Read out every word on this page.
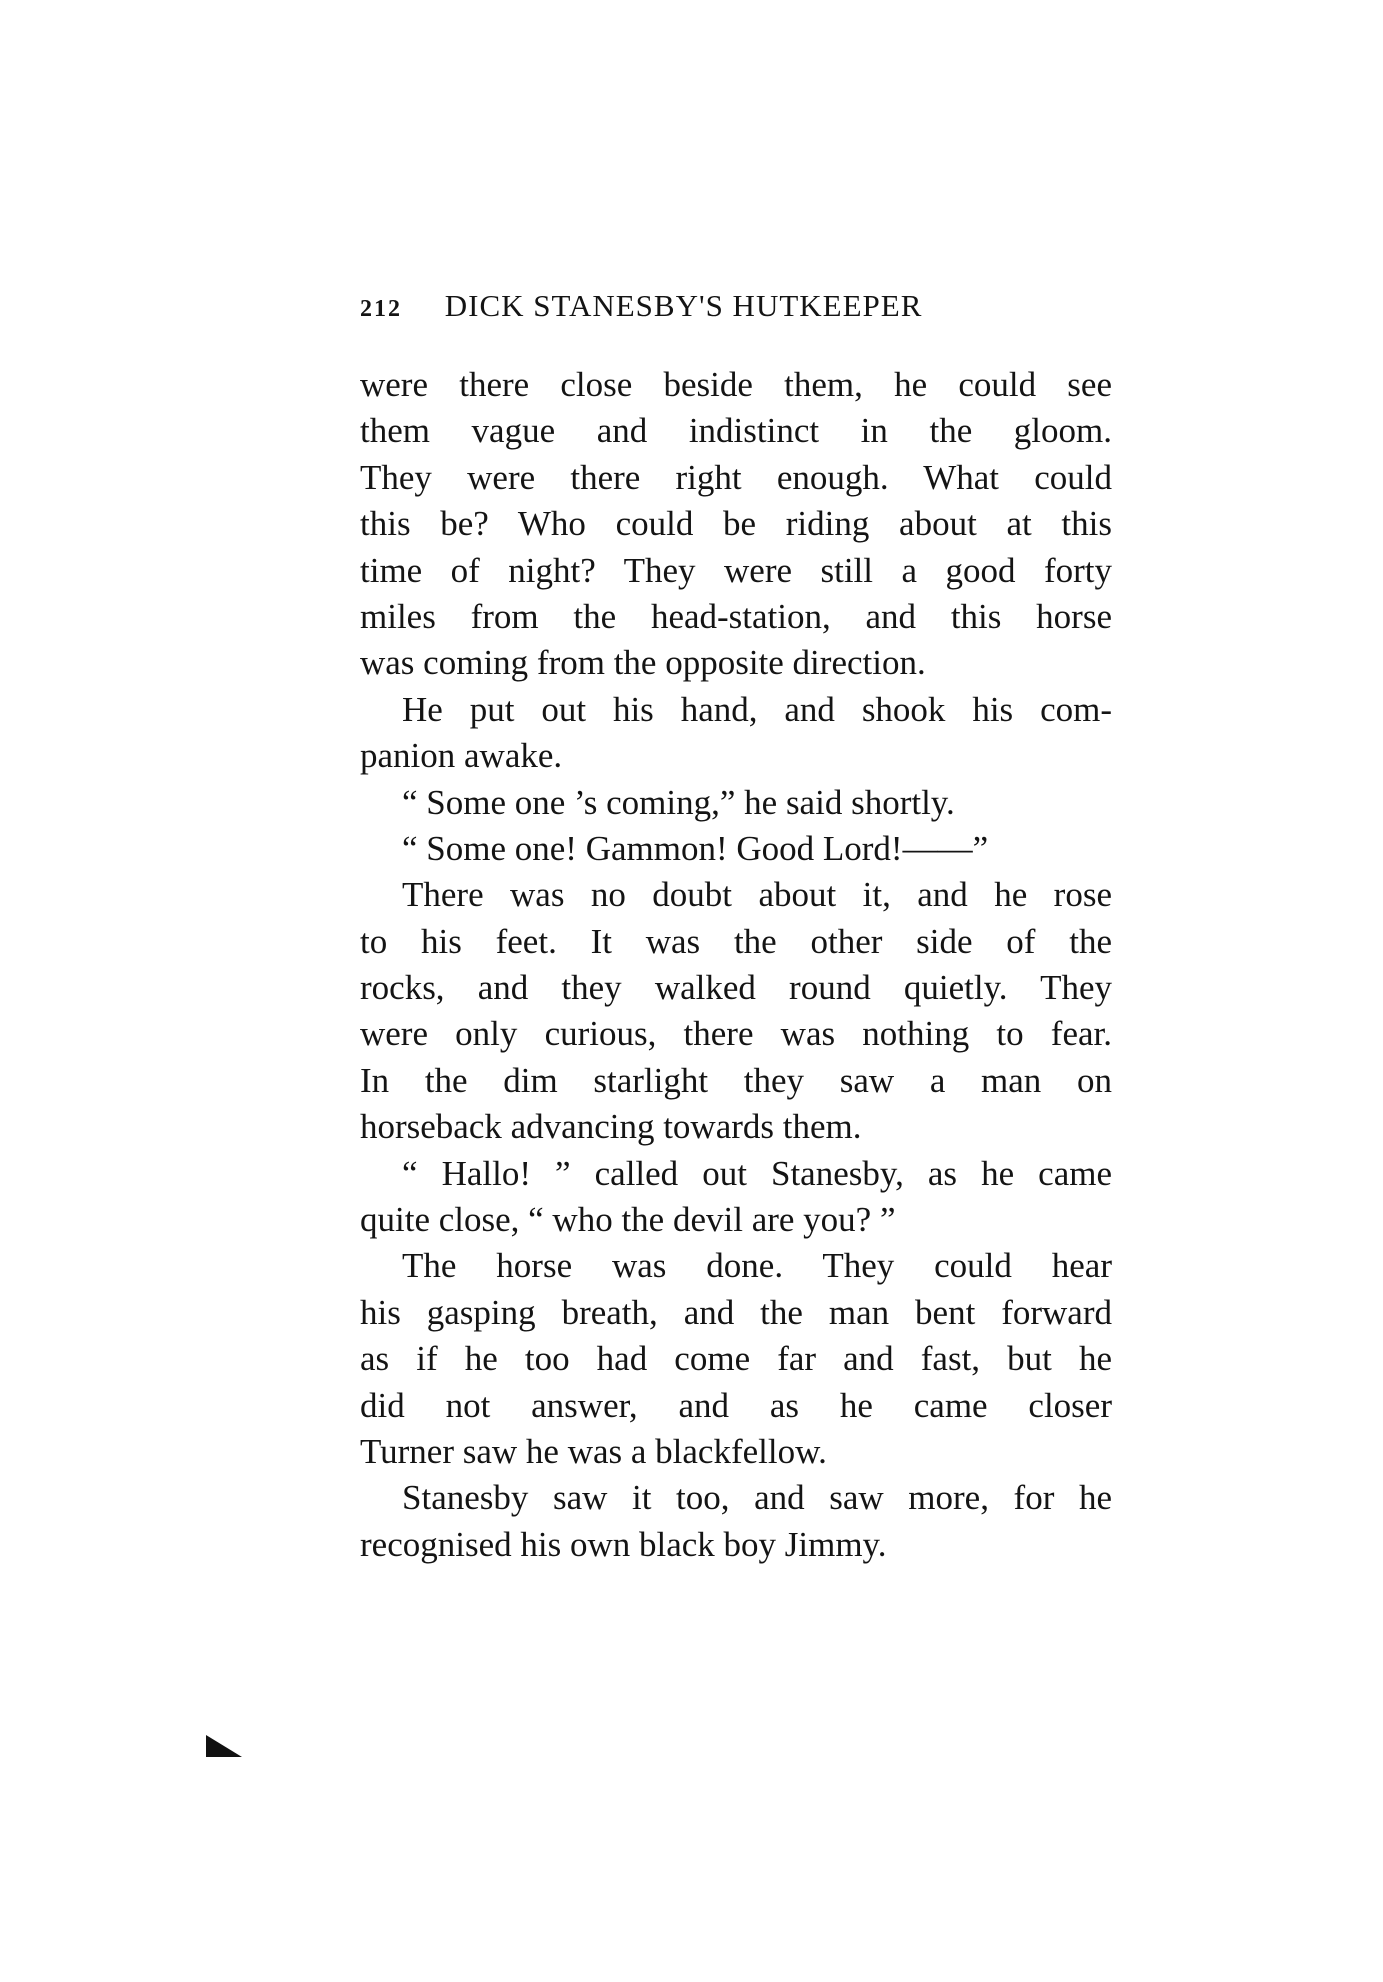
212 DICK STANESBY'S HUTKEEPER
were there close beside them, he could see
them vague and indistinct in the gloom.
They were there right enough. What could
this be? Who could be riding about at this
time of night? They were still a good forty
miles from the head-station, and this horse
was coming from the opposite direction.
He put out his hand, and shook his com-
panion awake.
“ Some one ’s coming,” he said shortly.
“ Some one! Gammon! Good Lord!——”
There was no doubt about it, and he rose
to his feet. It was the other side of the
rocks, and they walked round quietly. They
were only curious, there was nothing to fear.
In the dim starlight they saw a man on
horseback advancing towards them.
“ Hallo! ” called out Stanesby, as he came
quite close, “ who the devil are you? ”
The horse was done. They could hear
his gasping breath, and the man bent forward
as if he too had come far and fast, but he
did not answer, and as he came closer
Turner saw he was a blackfellow.
Stanesby saw it too, and saw more, for he
recognised his own black boy Jimmy.
